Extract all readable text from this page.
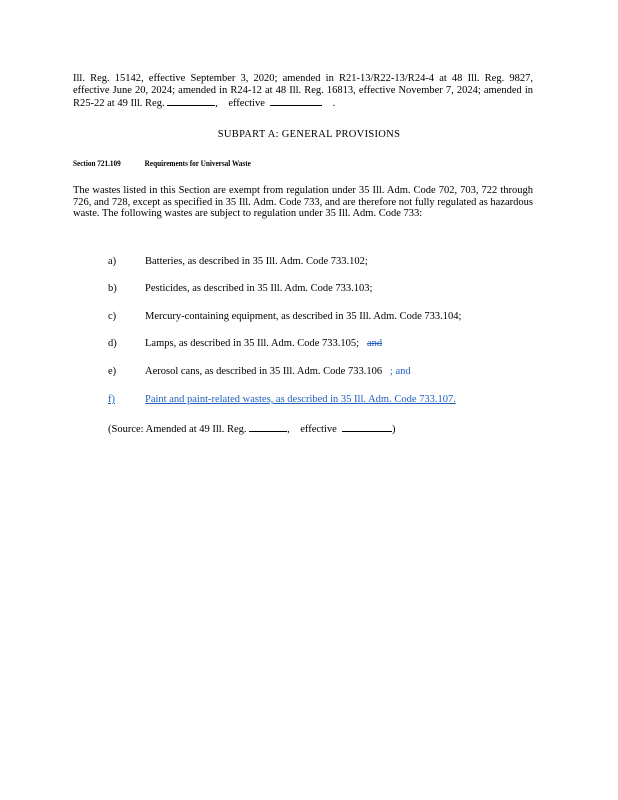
Ill. Reg. 15142, effective September 3, 2020; amended in R21-13/R22-13/R24-4 at 48 Ill. Reg. 9827, effective June 20, 2024; amended in R24-12 at 48 Ill. Reg. 16813, effective November 7, 2024; amended in R25-22 at 49 Ill. Reg.	, effective	.
SUBPART A: GENERAL PROVISIONS
Section 721.109	Requirements for Universal Waste
The wastes listed in this Section are exempt from regulation under 35 Ill. Adm. Code 702, 703, 722 through 726, and 728, except as specified in 35 Ill. Adm. Code 733, and are therefore not fully regulated as hazardous waste. The following wastes are subject to regulation under 35 Ill. Adm. Code 733:
a)	Batteries, as described in 35 Ill. Adm. Code 733.102;
b)	Pesticides, as described in 35 Ill. Adm. Code 733.103;
c)	Mercury-containing equipment, as described in 35 Ill. Adm. Code 733.104;
d)	Lamps, as described in 35 Ill. Adm. Code 733.105; and
e)	Aerosol cans, as described in 35 Ill. Adm. Code 733.106 ; and
f)	Paint and paint-related wastes, as described in 35 Ill. Adm. Code 733.107.
(Source: Amended at 49 Ill. Reg.	, effective	)
